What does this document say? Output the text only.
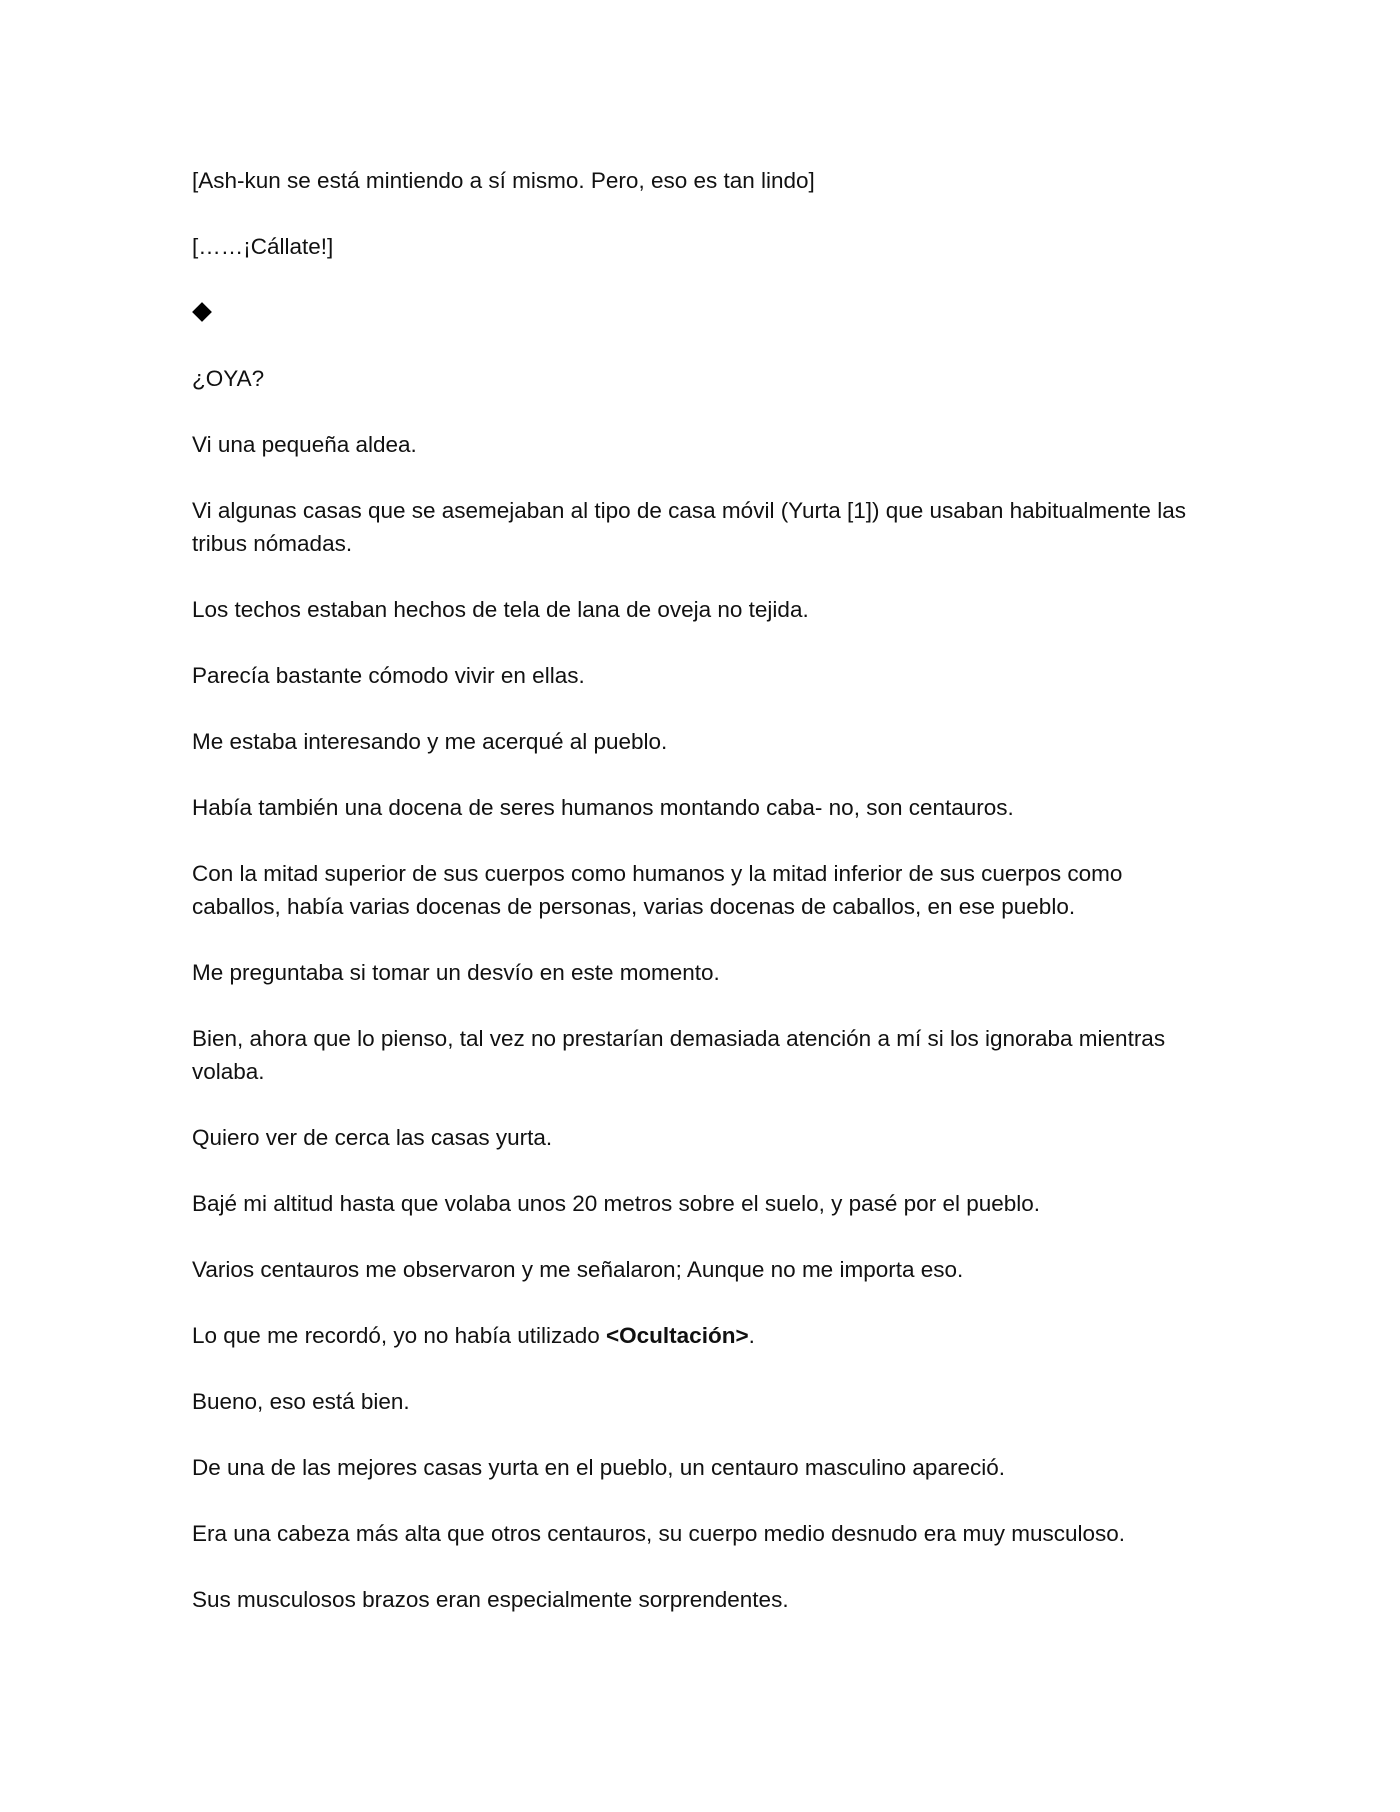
[Ash-kun se está mintiendo a sí mismo. Pero, eso es tan lindo]

[……¡Cállate!]

¿OYA?

Vi una pequeña aldea.

Vi algunas casas que se asemejaban al tipo de casa móvil (Yurta [1]) que usaban habitualmente las tribus nómadas.

Los techos estaban hechos de tela de lana de oveja no tejida.

Parecía bastante cómodo vivir en ellas.

Me estaba interesando y me acerqué al pueblo.

Había también una docena de seres humanos montando caba- no, son centauros.

Con la mitad superior de sus cuerpos como humanos y la mitad inferior de sus cuerpos como caballos, había varias docenas de personas, varias docenas de caballos, en ese pueblo.

Me preguntaba si tomar un desvío en este momento.

Bien, ahora que lo pienso, tal vez no prestarían demasiada atención a mí si los ignoraba mientras volaba.

Quiero ver de cerca las casas yurta.

Bajé mi altitud hasta que volaba unos 20 metros sobre el suelo, y pasé por el pueblo.

Varios centauros me observaron y me señalaron; Aunque no me importa eso.

Lo que me recordó, yo no había utilizado <Ocultación>.

Bueno, eso está bien.

De una de las mejores casas yurta en el pueblo, un centauro masculino apareció.

Era una cabeza más alta que otros centauros, su cuerpo medio desnudo era muy musculoso.

Sus musculosos brazos eran especialmente sorprendentes.
